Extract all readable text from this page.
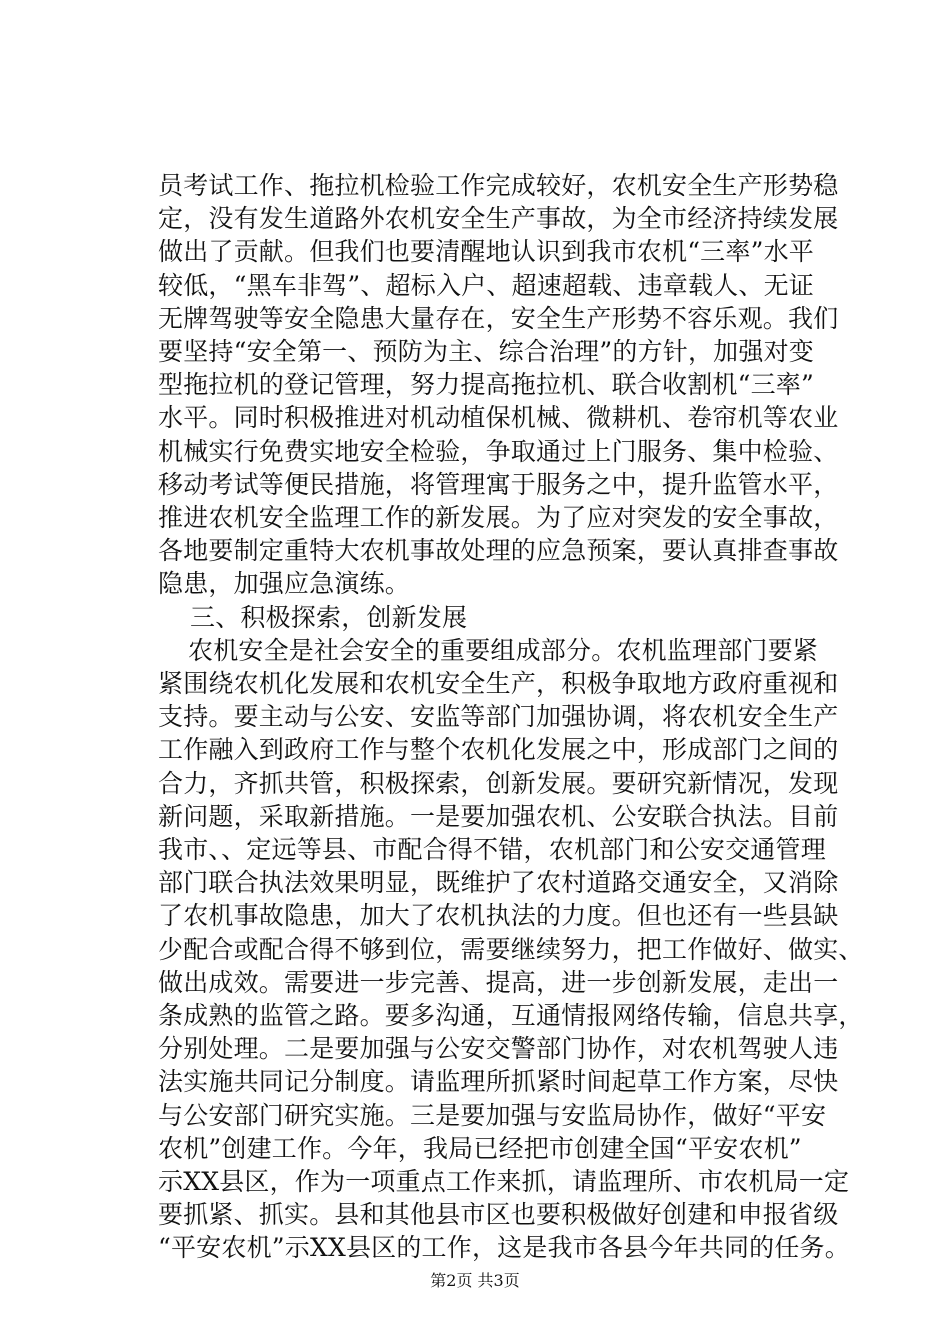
员考试工作、拖拉机检验工作完成较好，农机安全生产形势稳
定，没有发生道路外农机安全生产事故，为全市经济持续发展
做出了贡献。但我们也要清醒地认识到我市农机“三率”水平
较低，“黑车非驾”、超标入户、超速超载、违章载人、无证
无牌驾驶等安全隐患大量存在，安全生产形势不容乐观。我们
要坚持“安全第一、预防为主、综合治理”的方针，加强对变
型拖拉机的登记管理，努力提高拖拉机、联合收割机“三率”
水平。同时积极推进对机动植保机械、微耕机、卷帘机等农业
机械实行免费实地安全检验，争取通过上门服务、集中检验、
移动考试等便民措施，将管理寓于服务之中，提升监管水平，
推进农机安全监理工作的新发展。为了应对突发的安全事故，
各地要制定重特大农机事故处理的应急预案，要认真排查事故
隐患，加强应急演练。
三、积极探索，创新发展
农机安全是社会安全的重要组成部分。农机监理部门要紧
紧围绕农机化发展和农机安全生产，积极争取地方政府重视和
支持。要主动与公安、安监等部门加强协调，将农机安全生产
工作融入到政府工作与整个农机化发展之中，形成部门之间的
合力，齐抓共管，积极探索，创新发展。要研究新情况，发现
新问题，采取新措施。一是要加强农机、公安联合执法。目前
我市、、定远等县、市配合得不错，农机部门和公安交通管理
部门联合执法效果明显，既维护了农村道路交通安全，又消除
了农机事故隐患，加大了农机执法的力度。但也还有一些县缺
少配合或配合得不够到位，需要继续努力，把工作做好、做实、
做出成效。需要进一步完善、提高，进一步创新发展，走出一
条成熟的监管之路。要多沟通，互通情报网络传输，信息共享，
分别处理。二是要加强与公安交警部门协作，对农机驾驶人违
法实施共同记分制度。请监理所抓紧时间起草工作方案，尽快
与公安部门研究实施。三是要加强与安监局协作，做好“平安
农机”创建工作。今年，我局已经把市创建全国“平安农机”
示XX县区，作为一项重点工作来抓，请监理所、市农机局一定
要抓紧、抓实。县和其他县市区也要积极做好创建和申报省级
“平安农机”示XX县区的工作，这是我市各县今年共同的任务。
第2页 共3页
